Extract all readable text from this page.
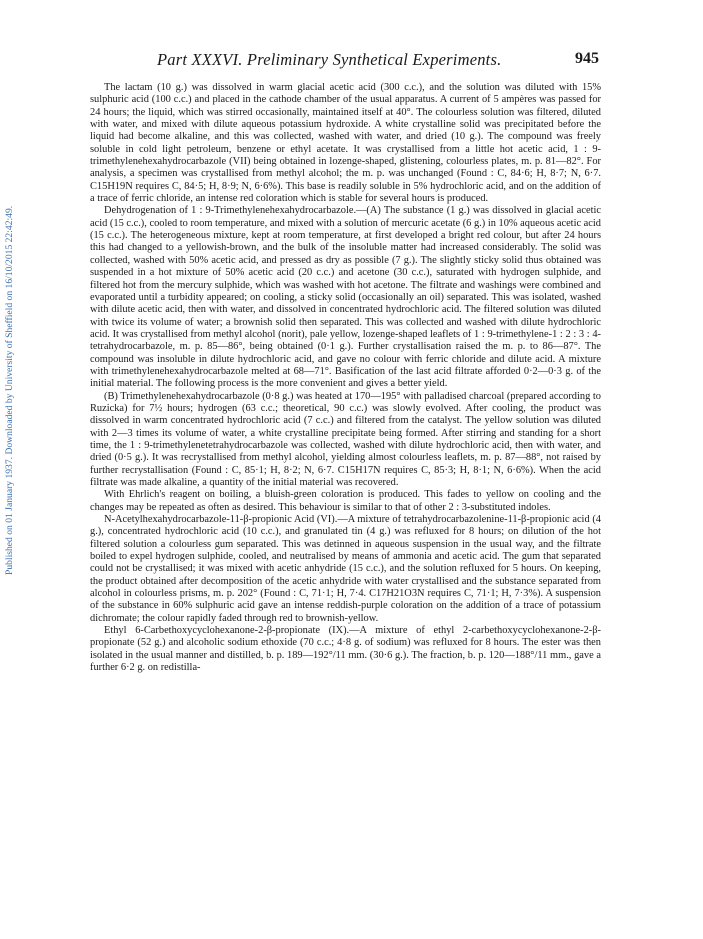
Part XXXVI. Preliminary Synthetical Experiments.	945
Published on 01 January 1937. Downloaded by University of Sheffield on 16/10/2015 22:42:49.

The lactam (10 g.) was dissolved in warm glacial acetic acid (300 c.c.), and the solution was diluted with 15% sulphuric acid (100 c.c.) and placed in the cathode chamber of the usual apparatus. A current of 5 ampères was passed for 24 hours; the liquid, which was stirred occasionally, maintained itself at 40°. The colourless solution was filtered, diluted with water, and mixed with dilute aqueous potassium hydroxide. A white crystalline solid was precipitated before the liquid had become alkaline, and this was collected, washed with water, and dried (10 g.). The compound was freely soluble in cold light petroleum, benzene or ethyl acetate. It was crystallised from a little hot acetic acid, 1 : 9-trimethylenehexahydrocarbazole (VII) being obtained in lozenge-shaped, glistening, colourless plates, m. p. 81—82°. For analysis, a specimen was crystallised from methyl alcohol; the m. p. was unchanged (Found : C, 84·6; H, 8·7; N, 6·7. C15H19N requires C, 84·5; H, 8·9; N, 6·6%). This base is readily soluble in 5% hydrochloric acid, and on the addition of a trace of ferric chloride, an intense red coloration which is stable for several hours is produced.

Dehydrogenation of 1 : 9-Trimethylenehexahydrocarbazole.—(A) The substance (1 g.) was dissolved in glacial acetic acid (15 c.c.), cooled to room temperature, and mixed with a solution of mercuric acetate (6 g.) in 10% aqueous acetic acid (15 c.c.). The heterogeneous mixture, kept at room temperature, at first developed a bright red colour, but after 24 hours this had changed to a yellowish-brown, and the bulk of the insoluble matter had increased considerably. The solid was collected, washed with 50% acetic acid, and pressed as dry as possible (7 g.). The slightly sticky solid thus obtained was suspended in a hot mixture of 50% acetic acid (20 c.c.) and acetone (30 c.c.), saturated with hydrogen sulphide, and filtered hot from the mercury sulphide, which was washed with hot acetone. The filtrate and washings were combined and evaporated until a turbidity appeared; on cooling, a sticky solid (occasionally an oil) separated. This was isolated, washed with dilute acetic acid, then with water, and dissolved in concentrated hydrochloric acid. The filtered solution was diluted with twice its volume of water; a brownish solid then separated. This was collected and washed with dilute hydrochloric acid. It was crystallised from methyl alcohol (norit), pale yellow, lozenge-shaped leaflets of 1 : 9-trimethylene-1 : 2 : 3 : 4-tetrahydrocarbazole, m. p. 85—86°, being obtained (0·1 g.). Further crystallisation raised the m. p. to 86—87°. The compound was insoluble in dilute hydrochloric acid, and gave no colour with ferric chloride and dilute acid. A mixture with trimethylenehexahydrocarbazole melted at 68—71°. Basification of the last acid filtrate afforded 0·2—0·3 g. of the initial material. The following process is the more convenient and gives a better yield.

(B) Trimethylenehexahydrocarbazole (0·8 g.) was heated at 170—195° with palladised charcoal (prepared according to Ruzicka) for 7½ hours; hydrogen (63 c.c.; theoretical, 90 c.c.) was slowly evolved. After cooling, the product was dissolved in warm concentrated hydrochloric acid (7 c.c.) and filtered from the catalyst. The yellow solution was diluted with 2—3 times its volume of water, a white crystalline precipitate being formed. After stirring and standing for a short time, the 1 : 9-trimethylenetetrahydrocarbazole was collected, washed with dilute hydrochloric acid, then with water, and dried (0·5 g.). It was recrystallised from methyl alcohol, yielding almost colourless leaflets, m. p. 87—88°, not raised by further recrystallisation (Found : C, 85·1; H, 8·2; N, 6·7. C15H17N requires C, 85·3; H, 8·1; N, 6·6%). When the acid filtrate was made alkaline, a quantity of the initial material was recovered.

With Ehrlich's reagent on boiling, a bluish-green coloration is produced. This fades to yellow on cooling and the changes may be repeated as often as desired. This behaviour is similar to that of other 2 : 3-substituted indoles.

N-Acetylhexahydrocarbazole-11-β-propionic Acid (VI).—A mixture of tetrahydrocarbazolenine-11-β-propionic acid (4 g.), concentrated hydrochloric acid (10 c.c.), and granulated tin (4 g.) was refluxed for 8 hours; on dilution of the hot filtered solution a colourless gum separated. This was detinned in aqueous suspension in the usual way, and the filtrate boiled to expel hydrogen sulphide, cooled, and neutralised by means of ammonia and acetic acid. The gum that separated could not be crystallised; it was mixed with acetic anhydride (15 c.c.), and the solution refluxed for 5 hours. On keeping, the product obtained after decomposition of the acetic anhydride with water crystallised and the substance separated from alcohol in colourless prisms, m. p. 202° (Found : C, 71·1; H, 7·4. C17H21O3N requires C, 71·1; H, 7·3%). A suspension of the substance in 60% sulphuric acid gave an intense reddish-purple coloration on the addition of a trace of potassium dichromate; the colour rapidly faded through red to brownish-yellow.

Ethyl 6-Carbethoxycyclohexanone-2-β-propionate (IX).—A mixture of ethyl 2-carbethoxycyclohexanone-2-β-propionate (52 g.) and alcoholic sodium ethoxide (70 c.c.; 4·8 g. of sodium) was refluxed for 8 hours. The ester was then isolated in the usual manner and distilled, b. p. 189—192°/11 mm. (30·6 g.). The fraction, b. p. 120—188°/11 mm., gave a further 6·2 g. on redistilla-
